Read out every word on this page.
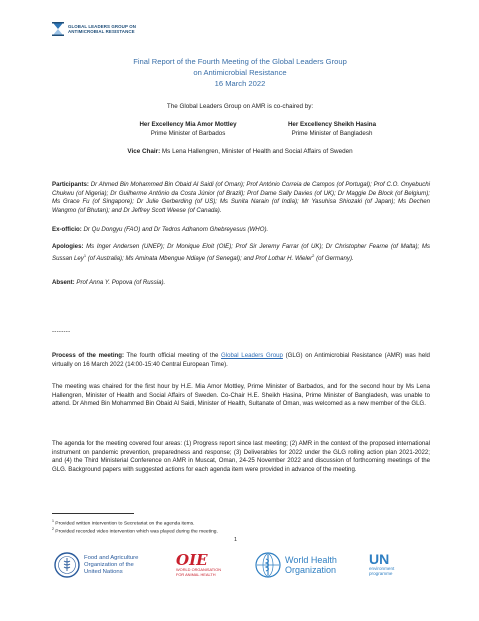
GLOBAL LEADERS GROUP ON
ANTIMICROBIAL RESISTANCE
Final Report of the Fourth Meeting of the Global Leaders Group
on Antimicrobial Resistance
16 March 2022
The Global Leaders Group on AMR is co-chaired by:
Her Excellency Mia Amor Mottley
Prime Minister of Barbados
Her Excellency Sheikh Hasina
Prime Minister of Bangladesh
Vice Chair: Ms Lena Hallengren, Minister of Health and Social Affairs of Sweden
Participants: Dr Ahmed Bin Mohammed Bin Obaid Al Saidi (of Oman); Prof António Correia de Campos (of Portugal); Prof C.O. Onyebuchi Chukwu (of Nigeria); Dr Guilherme Antônio da Costa Júnior (of Brazil); Prof Dame Sally Davies (of UK); Dr Maggie De Block (of Belgium); Ms Grace Fu (of Singapore); Dr Julie Gerberding (of US); Ms Sunita Narain (of India); Mr Yasuhisa Shiozaki (of Japan); Ms Dechen Wangmo (of Bhutan); and Dr Jeffrey Scott Weese (of Canada).
Ex-officio: Dr Qu Dongyu (FAO) and Dr Tedros Adhanom Ghebreyesus (WHO).
Apologies: Ms Inger Andersen (UNEP); Dr Monique Eloit (OIE); Prof Sir Jeremy Farrar (of UK); Dr Christopher Fearne (of Malta); Ms Sussan Ley$^1$ (of Australia); Ms Aminata Mbengue Ndiaye (of Senegal); and Prof Lothar H. Wieler$^2$ (of Germany).
Absent: Prof Anna Y. Popova (of Russia).
--------
Process of the meeting: The fourth official meeting of the Global Leaders Group (GLG) on Antimicrobial Resistance (AMR) was held virtually on 16 March 2022 (14:00-15:40 Central European Time).
The meeting was chaired for the first hour by H.E. Mia Amor Mottley, Prime Minister of Barbados, and for the second hour by Ms Lena Hallengren, Minister of Health and Social Affairs of Sweden. Co-Chair H.E. Sheikh Hasina, Prime Minister of Bangladesh, was unable to attend. Dr Ahmed Bin Mohammed Bin Obaid Al Saidi, Minister of Health, Sultanate of Oman, was welcomed as a new member of the GLG.
The agenda for the meeting covered four areas: (1) Progress report since last meeting; (2) AMR in the context of the proposed international instrument on pandemic prevention, preparedness and response; (3) Deliverables for 2022 under the GLG rolling action plan 2021-2022; and (4) the Third Ministerial Conference on AMR in Muscat, Oman, 24-25 November 2022 and discussion of forthcoming meetings of the GLG. Background papers with suggested actions for each agenda item were provided in advance of the meeting.
$^1$ Provided written intervention to Secretariat on the agenda items.
$^2$ Provided recorded video intervention which was played during the meeting.
1
Food and Agriculture
Organization of the
United Nations
OIE
WORLD ORGANISATION
FOR ANIMAL HEALTH
World Health
Organization
UN
environment
programme
